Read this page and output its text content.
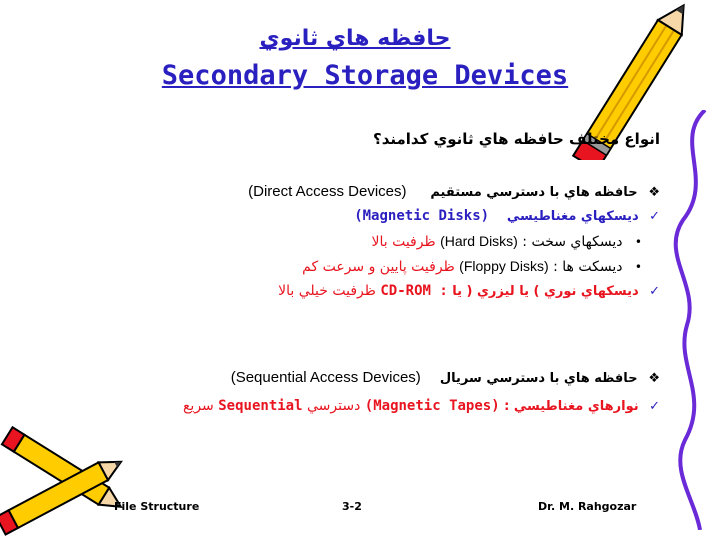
حافظه هاي ثانوي
Secondary Storage Devices
انواع مختلف حافظه هاي ثانوي كدامند؟
❖ حافظه هاي با دسترسي مستقيم     (Direct Access Devices)
✓ ديسكهاي مغناطيسي    (Magnetic Disks)
• ديسكهاي سخت : (Hard Disks) ظرفيت بالا
• ديسكت ها : (Floppy Disks) ظرفيت پايين و سرعت كم
✓ ديسكهاي نوري ) يا ليزري ( يا CD-ROM : ظرفيت خيلي بالا
❖ حافظه هاي با دسترسي سريال    (Sequential Access Devices)
✓ نوارهاي مغناطيسي : (Magnetic Tapes) دسترسي Sequential سريع
File Structure	3-2	Dr. M. Rahgozar
